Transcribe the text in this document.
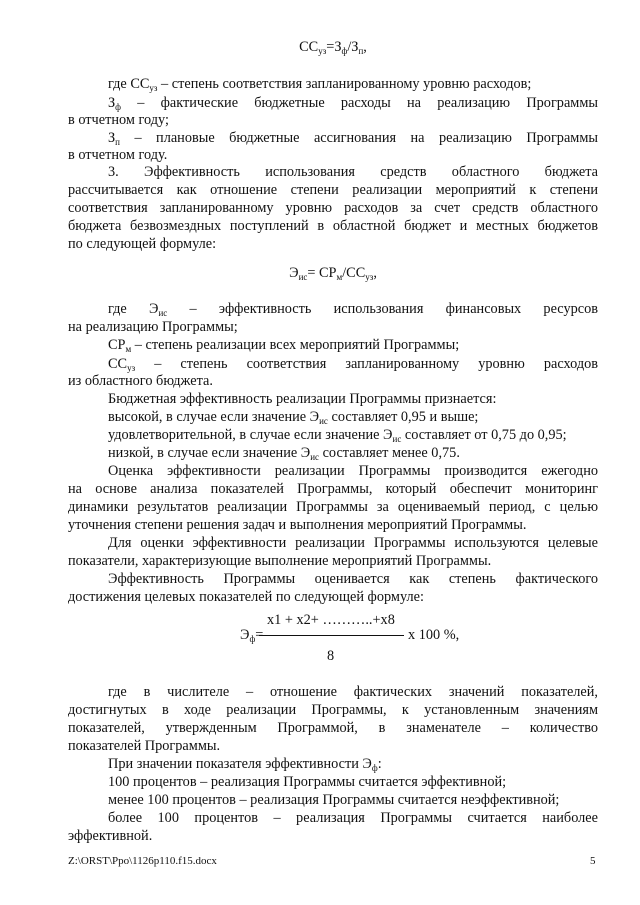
$СС_{уз}=З_ф/З_п$,
где $СС_{уз}$ – степень соответствия запланированному уровню расходов;
$З_ф$ – фактические бюджетные расходы на реализацию Программы
в отчетном году;
$З_п$ – плановые бюджетные ассигнования на реализацию Программы
в отчетном году.
3. Эффективность использования средств областного бюджета
рассчитывается как отношение степени реализации мероприятий к степени
соответствия запланированному уровню расходов за счет средств областного
бюджета безвозмездных поступлений в областной бюджет и местных бюджетов
по следующей формуле:
$Э_{ис}= СР_м/СС_{уз}$,
где $Э_{ис}$ – эффективность использования финансовых ресурсов
на реализацию Программы;
$СР_м$ – степень реализации всех мероприятий Программы;
$СС_{уз}$ – степень соответствия запланированному уровню расходов
из областного бюджета.
Бюджетная эффективность реализации Программы признается:
высокой, в случае если значение $Э_{ис}$ составляет 0,95 и выше;
удовлетворительной, в случае если значение $Э_{ис}$ составляет от 0,75 до 0,95;
низкой, в случае если значение $Э_{ис}$ составляет менее 0,75.
Оценка эффективности реализации Программы производится ежегодно
на основе анализа показателей Программы, который обеспечит мониторинг
динамики результатов реализации Программы за оцениваемый период, с целью
уточнения степени решения задач и выполнения мероприятий Программы.
Для оценки эффективности реализации Программы используются целевые
показатели, характеризующие выполнение мероприятий Программы.
Эффективность Программы оценивается как степень фактического
достижения целевых показателей по следующей формуле:
x1 + x2+ ………..+x8
$Э_ф=$	x 100 %,
8
где в числителе – отношение фактических значений показателей,
достигнутых в ходе реализации Программы, к установленным значениям
показателей, утвержденным Программой, в знаменателе – количество
показателей Программы.
При значении показателя эффективности $Э_ф$:
100 процентов – реализация Программы считается эффективной;
менее 100 процентов – реализация Программы считается неэффективной;
более 100 процентов – реализация Программы считается наиболее
эффективной.
Z:\ORST\Ppo\1126p110.f15.docx	5
